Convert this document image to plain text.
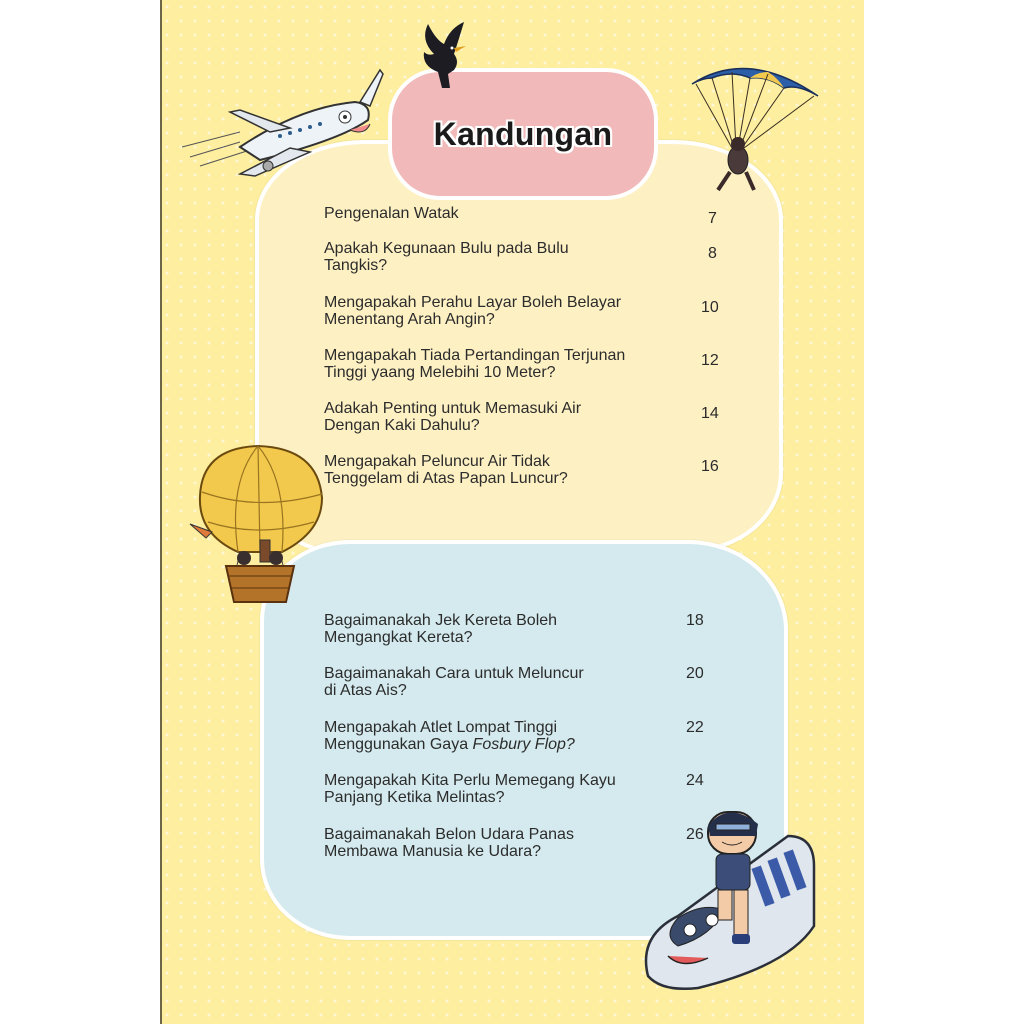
Kandungan
Pengenalan Watak	7
Apakah Kegunaan Bulu pada Bulu
Tangkis?
8
Mengapakah Perahu Layar Boleh Belayar
Menentang Arah Angin?
10
Mengapakah Tiada Pertandingan Terjunan
Tinggi yaang Melebihi 10 Meter?
12
Adakah Penting untuk Memasuki Air
Dengan Kaki Dahulu?
14
Mengapakah Peluncur Air Tidak
Tenggelam di Atas Papan Luncur?
16
Bagaimanakah Jek Kereta Boleh
Mengangkat Kereta?
18
Bagaimanakah Cara untuk Meluncur
di Atas Ais?
20
Mengapakah Atlet Lompat Tinggi
Menggunakan Gaya Fosbury Flop?
22
Mengapakah Kita Perlu Memegang Kayu
Panjang Ketika Melintas?
24
Bagaimanakah Belon Udara Panas
Membawa Manusia ke Udara?
26
